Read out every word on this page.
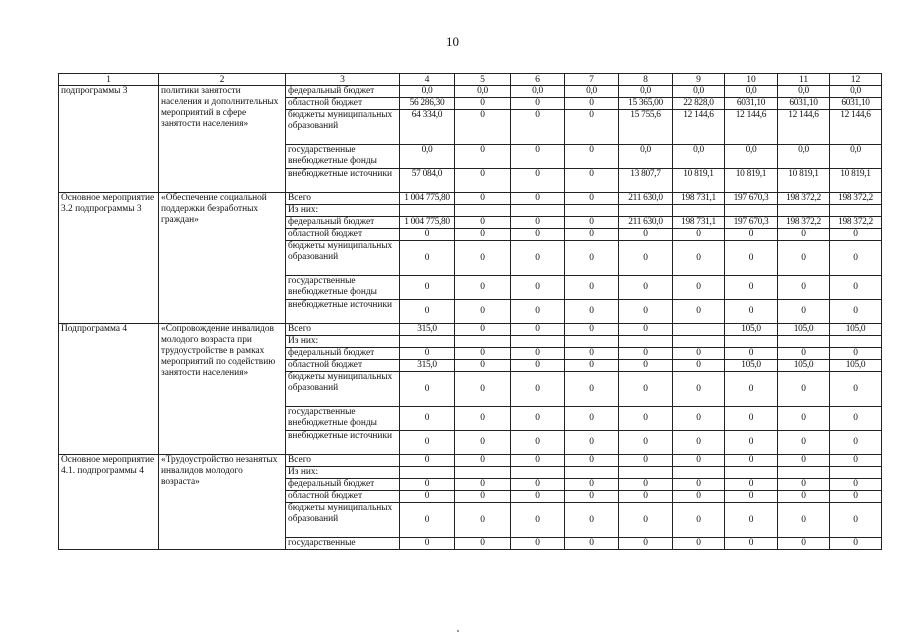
10
1	2	3	4	5	6	7	8	9	10	11	12
подпрограммы 3	политики занятости населения и дополнительных мероприятий в сфере занятости населения»	федеральный бюджет	0,0	0,0	0,0	0,0	0,0	0,0	0,0	0,0	0,0
		областной бюджет	56 286,30	0	0	0	15 365,00	22 828,0	6031,10	6031,10	6031,10
		бюджеты муниципальных образований	64 334,0	0	0	0	15 755,6	12 144,6	12 144,6	12 144,6	12 144,6
		государственные внебюджетные фонды	0,0	0	0	0	0,0	0,0	0,0	0,0	0,0
		внебюджетные источники	57 084,0	0	0	0	13 807,7	10 819,1	10 819,1	10 819,1	10 819,1
Основное мероприятие 3.2 подпрограммы 3	«Обеспечение социальной поддержки безработных граждан»	Всего	1 004 775,80	0	0	0	211 630,0	198 731,1	197 670,3	198 372,2	198 372,2
		Из них:									
		федеральный бюджет	1 004 775,80	0	0	0	211 630,0	198 731,1	197 670,3	198 372,2	198 372,2
		областной бюджет	0	0	0	0	0	0	0	0	0
		бюджеты муниципальных образований	0	0	0	0	0	0	0	0	0
		государственные внебюджетные фонды	0	0	0	0	0	0	0	0	0
		внебюджетные источники	0	0	0	0	0	0	0	0	0
Подпрограмма 4	«Сопровождение инвалидов молодого возраста при трудоустройстве в рамках мероприятий по содействию занятости населения»	Всего	315,0	0	0	0	0		105,0	105,0	105,0
		Из них:									
		федеральный бюджет	0	0	0	0	0	0	0	0	0
		областной бюджет	315,0	0	0	0	0	0	105,0	105,0	105,0
		бюджеты муниципальных образований	0	0	0	0	0	0	0	0	0
		государственные внебюджетные фонды	0	0	0	0	0	0	0	0	0
		внебюджетные источники	0	0	0	0	0	0	0	0	0
Основное мероприятие 4.1. подпрограммы 4	«Трудоустройство незанятых инвалидов молодого возраста»	Всего	0	0	0	0	0	0	0	0	0
		Из них:									
		федеральный бюджет	0	0	0	0	0	0	0	0	0
		областной бюджет	0	0	0	0	0	0	0	0	0
		бюджеты муниципальных образований	0	0	0	0	0	0	0	0	0
		государственные	0	0	0	0	0	0	0	0	0
